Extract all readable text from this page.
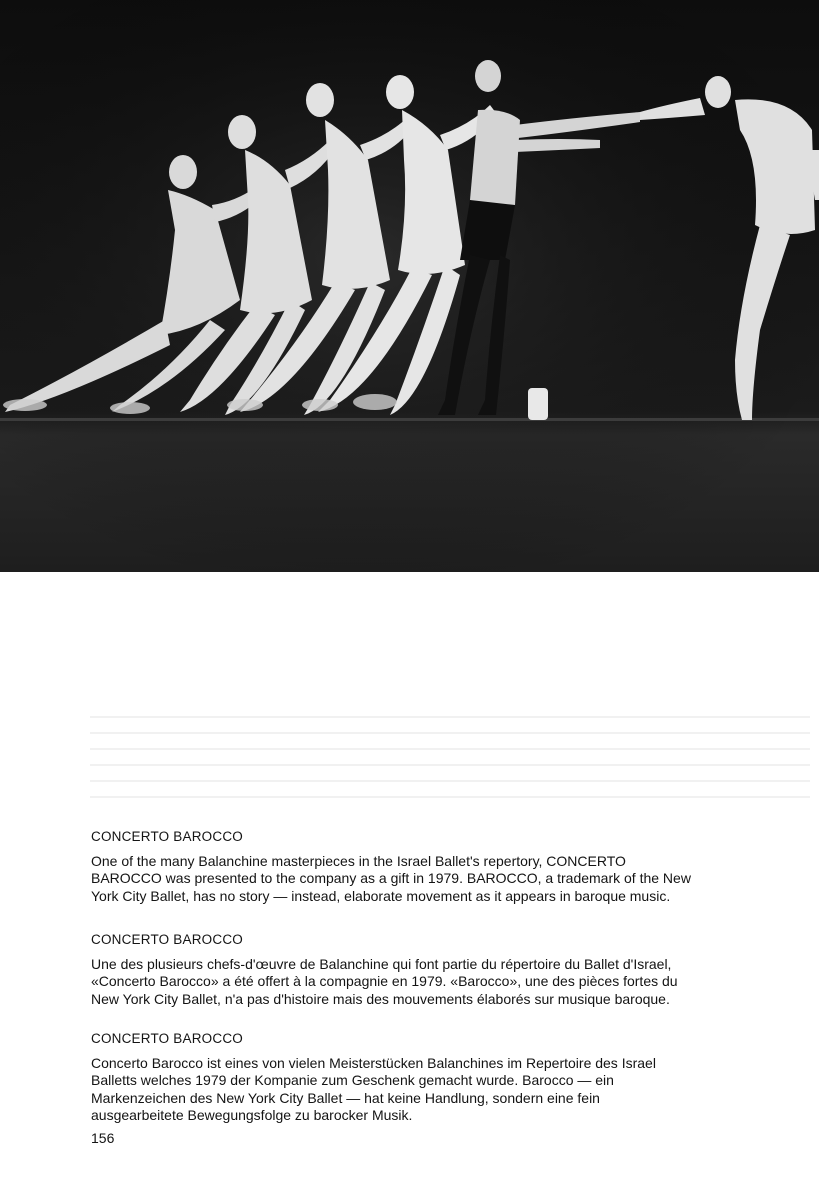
CONCERTO BAROCCO

One of the many Balanchine masterpieces in the Israel Ballet's repertory, CONCERTO
BAROCCO was presented to the company as a gift in 1979. BAROCCO, a trademark of the New
York City Ballet, has no story — instead, elaborate movement as it appears in baroque music.

CONCERTO BAROCCO

Une des plusieurs chefs-d'œuvre de Balanchine qui font partie du répertoire du Ballet d'Israel,
«Concerto Barocco» a été offert à la compagnie en 1979. «Barocco», une des pièces fortes du
New York City Ballet, n'a pas d'histoire mais des mouvements élaborés sur musique baroque.

CONCERTO BAROCCO

Concerto Barocco ist eines von vielen Meisterstücken Balanchines im Repertoire des Israel
Balletts welches 1979 der Kompanie zum Geschenk gemacht wurde. Barocco — ein
Markenzeichen des New York City Ballet — hat keine Handlung, sondern eine fein
ausgearbeitete Bewegungsfolge zu barocker Musik.

156
